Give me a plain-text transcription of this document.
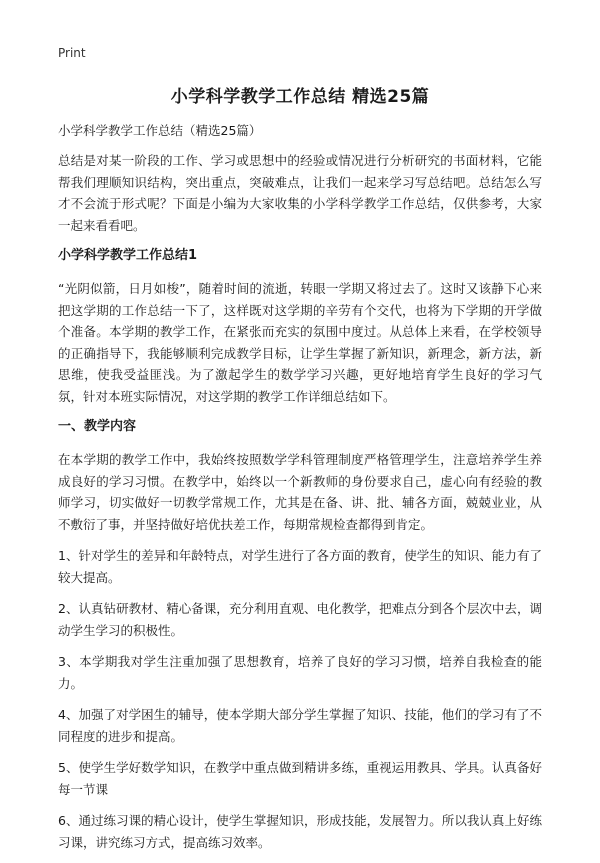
Print
小学科学教学工作总结 精选25篇
小学科学教学工作总结（精选25篇）

总结是对某一阶段的工作、学习或思想中的经验或情况进行分析研究的书面材料，它能帮我们理顺知识结构，突出重点，突破难点，让我们一起来学习写总结吧。总结怎么写才不会流于形式呢？下面是小编为大家收集的小学科学教学工作总结，仅供参考，大家一起来看看吧。

小学科学教学工作总结1

“光阴似箭，日月如梭”，随着时间的流逝，转眼一学期又将过去了。这时又该静下心来把这学期的工作总结一下了，这样既对这学期的辛劳有个交代，也将为下学期的开学做个准备。本学期的教学工作，在紧张而充实的氛围中度过。从总体上来看，在学校领导的正确指导下，我能够顺利完成教学目标，让学生掌握了新知识，新理念，新方法，新思维，使我受益匪浅。为了激起学生的数学学习兴趣，更好地培育学生良好的学习气氛，针对本班实际情况，对这学期的教学工作详细总结如下。

一、教学内容

在本学期的教学工作中，我始终按照数学学科管理制度严格管理学生，注意培养学生养成良好的学习习惯。在教学中，始终以一个新教师的身份要求自己，虚心向有经验的教师学习，切实做好一切教学常规工作，尤其是在备、讲、批、辅各方面，兢兢业业，从不敷衍了事，并坚持做好培优扶差工作，每期常规检查都得到肯定。

1、针对学生的差异和年龄特点，对学生进行了各方面的教育，使学生的知识、能力有了较大提高。

2、认真钻研教材、精心备课，充分利用直观、电化教学，把难点分到各个层次中去，调动学生学习的积极性。

3、本学期我对学生注重加强了思想教育，培养了良好的学习习惯，培养自我检查的能力。

4、加强了对学困生的辅导，使本学期大部分学生掌握了知识、技能，他们的学习有了不同程度的进步和提高。

5、使学生学好数学知识，在教学中重点做到精讲多练，重视运用教具、学具。认真备好每一节课

6、通过练习课的精心设计，使学生掌握知识，形成技能，发展智力。所以我认真上好练习课，讲究练习方式，提高练习效率。
